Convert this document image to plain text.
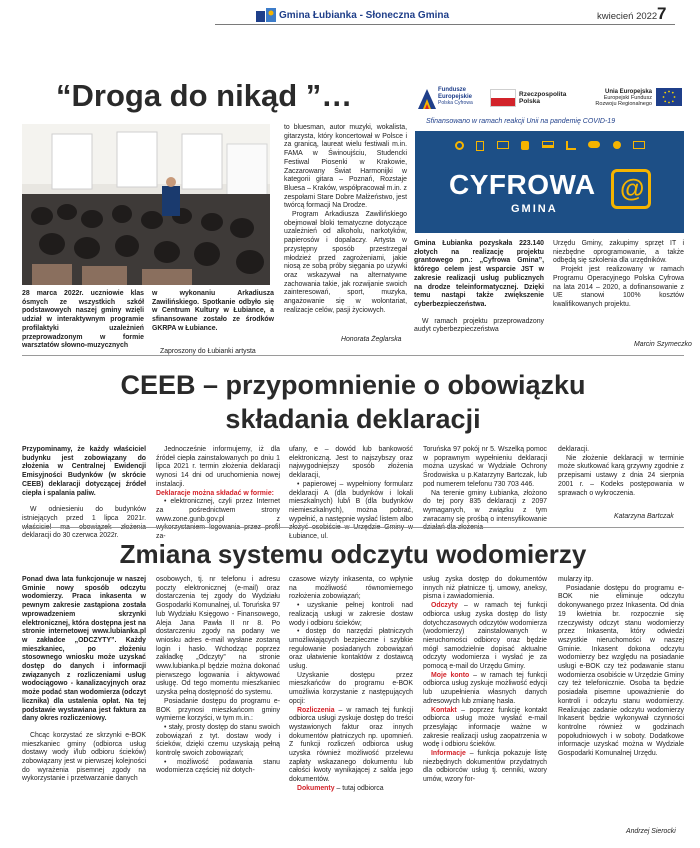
Gmina Łubianka - Słoneczna Gmina	kwiecień 2022 7
“Droga do nikąd ”…
28 marca 2022r. uczniowie klas ósmych ze wszystkich szkół podstawowych naszej gminy wzięli udział w interaktywnym programie profilaktyki uzależnień przeprowadzonym w formie warsztatów słowno-muzycznych
w wykonaniu Arkadiusza Zawilińskiego. Spotkanie odbyło się w Centrum Kultury w Łubiance, a sfinansowane zostało ze środków GKRPA w Łubiance.
Zaproszony do Łubianki artysta
to bluesman, autor muzyki, wokalista, gitarzysta, który koncertował w Polsce i za granicą, laureat wielu festiwali m.in. FAMA w Świnoujściu, Studencki Festiwal Piosenki w Krakowie, Zaczarowany Świat Harmonijki w kategorii gitara – Poznań, Rozstaje Bluesa – Kraków, współpracował m.in. z zespołami Stare Dobre Małżeństwo, jest twórcą formacji Na Drodze.
Program Arkadiusza Zawilińskiego obejmował bloki tematyczne dotyczące uzależnień od alkoholu, narkotyków, papierosów i dopalaczy. Artysta w przystępny sposób przestrzegał młodzież przed zagrożeniami, jakie niosą ze sobą próby sięgania po używki oraz wskazywał na alternatywne zachowania takie, jak rozwijanie swoich zainteresowań, sport, muzyka, angażowanie się w wolontariat, realizacje celów, pasji życiowych.
Honorata Żeglarska
Fundusze
Europejskie
Polska Cyfrowa
Rzeczpospolita
Polska
Unia Europejska
Europejski Fundusz
Rozwoju Regionalnego
Sfinansowano w ramach reakcji Unii na pandemię COVID-19
CYFROWA
GMINA
@
Gmina Łubianka pozyskała 223.140 złotych na realizację projektu grantowego pn.: „Cyfrowa Gmina”, którego celem jest wsparcie JST w zakresie realizacji usług publicznych na drodze teleinformatycznej. Dzięki temu nastąpi także zwiększenie cyberbezpieczeństwa.
W ramach projektu przeprowadzony audyt cyberbezpieczeństwa
Urzędu Gminy, zakupimy sprzęt IT i niezbędne oprogramowanie, a także odbędą się szkolenia dla urzędników.
Projekt jest realizowany w ramach Programu Operacyjnego Polska Cyfrowa na lata 2014 – 2020, a dofinansowanie z UE stanowi 100% kosztów kwalifikowanych projektu.
Marcin Szymeczko
CEEB – przypomnienie o obowiązku
składania deklaracji
Przypominamy, że każdy właściciel budynku jest zobowiązany do złożenia w Centralnej Ewidencji Emisyjności Budynków (w skrócie CEEB) deklaracji dotyczącej źródeł ciepła i spalania paliw.
W odniesieniu do budynków istniejących przed 1 lipca 2021r. deklaracji do 30 czerwca 2022r.
Jednocześnie informujemy, iż dla źródeł ciepła zainstalowanych po dniu 1 lipca 2021 r. termin złożenia deklaracji wynosi 14 dni od uruchomienia nowej instalacji.
Deklaracje można składać w formie:
• elektronicznej, czyli przez Internet za pośrednictwem strony www.zone.gunb.gov.pl z za-
ufany, e – dowód lub bankowość elektroniczną. Jest to najszybszy oraz najwygodniejszy sposób złożenia deklaracji,
• papierowej – wypełniony formularz deklaracji A (dla budynków i lokali mieszkalnych) lub/i B (dla budynków niemieszkalnych), można pobrać, wypełnić, a następnie wysłać listem albo Łubiance, ul.
Toruńska 97 pokój nr 5. Wszelką pomoc w poprawnym wypełnieniu deklaracji można uzyskać w Wydziale Ochrony Środowiska u p.Katarzyny Bartczak, lub pod numerem telefonu 730 703 446.
Na terenie gminy Łubianka, złożono do tej pory 835 deklaracji z 2097 wymaganych, w związku z tym zwracamy się prośbą o intensyfikowanie
deklaracji.
Nie złożenie deklaracji w terminie może skutkować karą grzywny zgodnie z przepisami ustawy z dnia 24 sierpnia 2001 r. – Kodeks postępowania w sprawach o wykroczenia.
Katarzyna Bartczak
Zmiana systemu odczytu wodomierzy
Ponad dwa lata funkcjonuje w naszej Gminie nowy sposób odczytu wodomierzy. Praca inkasenta w pewnym zakresie zastąpiona została wprowadzeniem skrzynki elektronicznej, która dostępna jest na stronie internetowej www.lubianka.pl w zakładce „ODCZYTY”. Każdy mieszkaniec, po złożeniu stosownego wniosku może uzyskać dostęp do danych i informacji związanych z rozliczeniami usług wodociągowo - kanalizacyjnych oraz może podać stan wodomierza (odczyt licznika) dla ustalenia opłat. Na tej podstawie wystawiana jest faktura za dany okres rozliczeniowy.
Chcąc korzystać ze skrzynki e-BOK mieszkaniec gminy (odbiorca usług dostawy wody i/lub odbioru ścieków) zobowiązany jest w pierwszej kolejności do wyrażenia pisemnej zgody na wykorzystanie i przetwarzanie danych
osobowych, tj. nr telefonu i adresu poczty elektronicznej (e-mail) oraz dostarczenia tej zgody do Wydziału Gospodarki Komunalnej, ul. Toruńska 97 lub Wydziału Księgowo - Finansowego, Aleja Jana Pawła II nr 8. Po dostarczeniu zgody na podany we wniosku adres e-mail wysłane zostaną login i hasło. Wchodząc poprzez zakładkę „Odczyty” na stronie www.lubianka.pl będzie można dokonać pierwszego logowania i aktywować usługę. Od tego momentu mieszkaniec uzyska pełną dostępność do systemu.
Posiadanie dostępu do programu e-BOK przynosi mieszkańcom gminy wymierne korzyści, w tym m.in.:
• stały, prosty dostęp do stanu swoich zobowiązań z tyt. dostaw wody i ścieków, dzięki czemu uzyskają pełną kontrolę swoich zobowiązań;
• możliwość podawania stanu wodomierza częściej niż dotych-
czasowe wizyty inkasenta, co wpłynie na możliwość równomiernego rozłożenia zobowiązań;
• uzyskanie pełnej kontroli nad realizacją usługi w zakresie dostaw wody i odbioru ścieków;
• dostęp do narzędzi płatniczych umożliwiających bezpieczne i szybkie regulowanie posiadanych zobowiązań oraz ułatwienie kontaktów z dostawcą usług.
Uzyskanie dostępu przez mieszkańców do programu e-BOK umożliwia korzystanie z następujących opcji:
Rozliczenia – w ramach tej funkcji odbiorca usługi zyskuje dostęp do treści wystawionych faktur oraz innych dokumentów płatniczych np. upomnień. Z funkcji rozliczeń odbiorca usług uzyska również możliwość przelewu zapłaty wskazanego dokumentu lub całości kwoty wynikającej z salda jego dokumentów.
Dokumenty – tutaj odbiorca
usług zyska dostęp do dokumentów innych niż płatnicze tj. umowy, aneksy, pisma i zawiadomienia.
Odczyty – w ramach tej funkcji odbiorca usług zyska dostęp do listy dotychczasowych odczytów wodomierza (wodomierzy) zainstalowanych w nieruchomości odbiorcy oraz będzie mógł samodzielnie dopisać aktualne odczyty wodomierza i wysłać je za pomocą e-mail do Urzędu Gminy.
Moje konto – w ramach tej funkcji odbiorca usług zyskuje możliwość edycji lub uzupełnienia własnych danych adresowych lub zmianę hasła.
Kontakt – poprzez funkcję kontakt odbiorca usług może wysłać e-mail przesyłając informacje ważne w zakresie realizacji usług zaopatrzenia w wodę i odbioru ścieków.
Informacje – funkcja pokazuje listę niezbędnych dokumentów przydatnych dla odbiorców usług tj. cenniki, wzory umów, wzory for-
mularzy itp.
Posiadanie dostępu do programu e-BOK nie eliminuje odczytu dokonywanego przez Inkasenta. Od dnia 19 kwietnia br. rozpocznie się rzeczywisty odczyt stanu wodomierzy przez Inkasenta, który odwiedzi wszystkie nieruchomości w naszej Gminie. Inkasent dokona odczytu wodomierzy bez względu na posiadanie usługi e-BOK czy też podawanie stanu wodomierza osobiście w Urzędzie Gminy czy też telefonicznie. Osoba ta będzie posiadała pisemne upoważnienie do kontroli i odczytu stanu wodomierzy. Realizując zadanie odczytu wodomierzy Inkasent będzie wykonywał czynności kontrolne również w godzinach popołudniowych i w soboty. Dodatkowe informacje uzyskać można w Wydziale Gospodarki Komunalnej Urzędu.
Andrzej Sierocki
